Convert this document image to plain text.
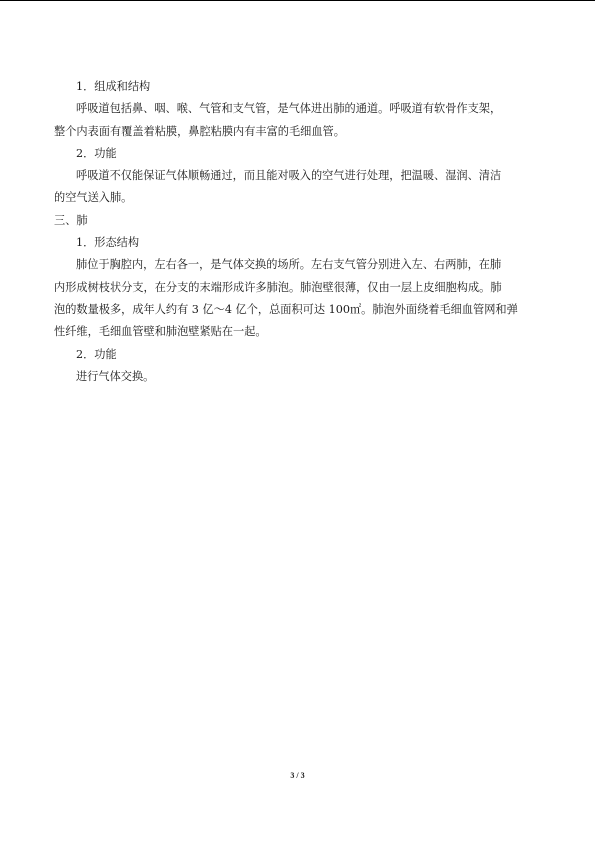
1．组成和结构
呼吸道包括鼻、咽、喉、气管和支气管，是气体进出肺的通道。呼吸道有软骨作支架，
整个内表面有覆盖着粘膜，鼻腔粘膜内有丰富的毛细血管。
2．功能
呼吸道不仅能保证气体顺畅通过，而且能对吸入的空气进行处理，把温暖、湿润、清洁
的空气送入肺。
三、肺
1．形态结构
肺位于胸腔内，左右各一，是气体交换的场所。左右支气管分别进入左、右两肺，在肺
内形成树枝状分支，在分支的末端形成许多肺泡。肺泡壁很薄，仅由一层上皮细胞构成。肺
泡的数量极多，成年人约有 3 亿～4 亿个，总面积可达 100㎡。肺泡外面绕着毛细血管网和弹
性纤维，毛细血管壁和肺泡壁紧贴在一起。
2．功能
进行气体交换。
3 / 3
